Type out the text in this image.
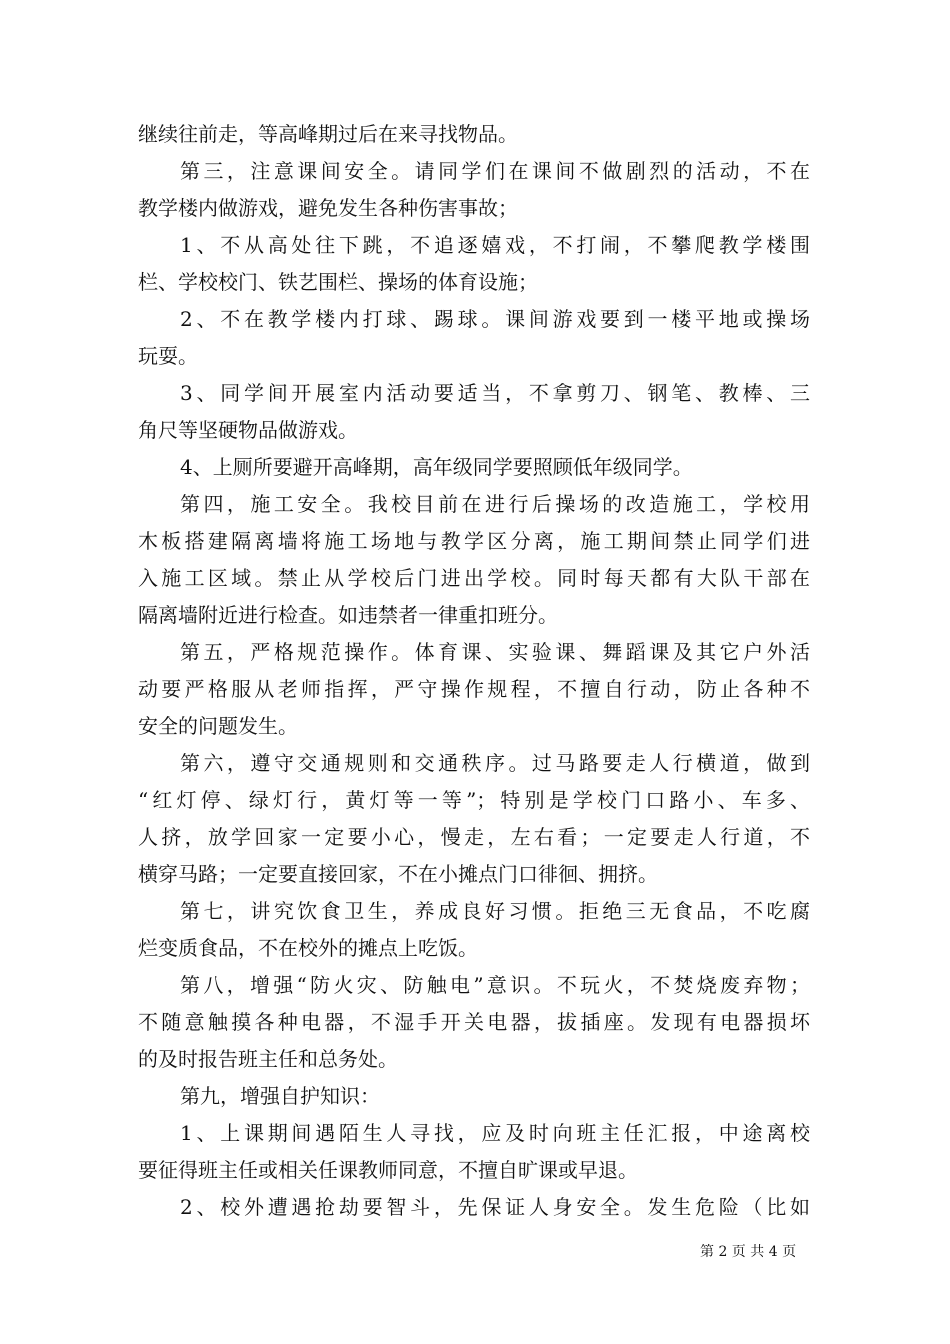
继续往前走，等高峰期过后在来寻找物品。
第三，注意课间安全。请同学们在课间不做剧烈的活动，不在
教学楼内做游戏，避免发生各种伤害事故；
1、不从高处往下跳，不追逐嬉戏，不打闹，不攀爬教学楼围
栏、学校校门、铁艺围栏、操场的体育设施；
2、不在教学楼内打球、踢球。课间游戏要到一楼平地或操场
玩耍。
3、同学间开展室内活动要适当，不拿剪刀、钢笔、教棒、三
角尺等坚硬物品做游戏。
4、上厕所要避开高峰期，高年级同学要照顾低年级同学。
第四，施工安全。我校目前在进行后操场的改造施工，学校用
木板搭建隔离墙将施工场地与教学区分离，施工期间禁止同学们进
入施工区域。禁止从学校后门进出学校。同时每天都有大队干部在
隔离墙附近进行检查。如违禁者一律重扣班分。
第五，严格规范操作。体育课、实验课、舞蹈课及其它户外活
动要严格服从老师指挥，严守操作规程，不擅自行动，防止各种不
安全的问题发生。
第六，遵守交通规则和交通秩序。过马路要走人行横道，做到
“红灯停、绿灯行，黄灯等一等”；特别是学校门口路小、车多、
人挤，放学回家一定要小心，慢走，左右看；一定要走人行道，不
横穿马路；一定要直接回家，不在小摊点门口徘徊、拥挤。
第七，讲究饮食卫生，养成良好习惯。拒绝三无食品，不吃腐
烂变质食品，不在校外的摊点上吃饭。
第八，增强“防火灾、防触电”意识。不玩火，不焚烧废弃物；
不随意触摸各种电器，不湿手开关电器，拔插座。发现有电器损坏
的及时报告班主任和总务处。
第九，增强自护知识：
1、上课期间遇陌生人寻找，应及时向班主任汇报，中途离校
要征得班主任或相关任课教师同意，不擅自旷课或早退。
2、校外遭遇抢劫要智斗，先保证人身安全。发生危险（比如
第 2 页 共 4 页
